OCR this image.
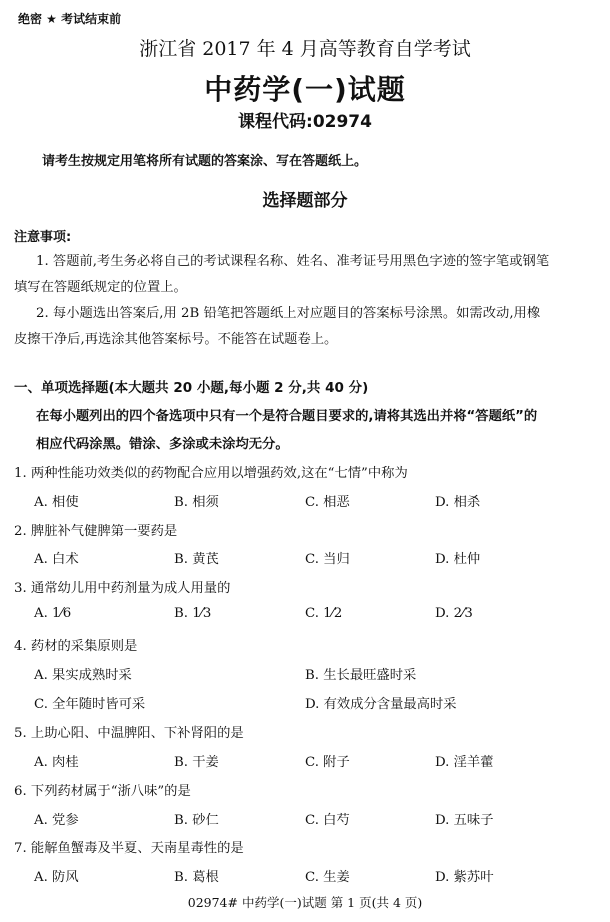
绝密 ★ 考试结束前
浙江省 2017 年 4 月高等教育自学考试
中药学(一)试题
课程代码:02974
请考生按规定用笔将所有试题的答案涂、写在答题纸上。
选择题部分
注意事项:
1. 答题前,考生务必将自己的考试课程名称、姓名、准考证号用黑色字迹的签字笔或钢笔
填写在答题纸规定的位置上。
2. 每小题选出答案后,用 2B 铅笔把答题纸上对应题目的答案标号涂黑。如需改动,用橡
皮擦干净后,再选涂其他答案标号。不能答在试题卷上。
一、单项选择题(本大题共 20 小题,每小题 2 分,共 40 分)
在每小题列出的四个备选项中只有一个是符合题目要求的,请将其选出并将“答题纸”的
相应代码涂黑。错涂、多涂或未涂均无分。
1. 两种性能功效类似的药物配合应用以增强药效,这在“七情”中称为
A. 相使	B. 相须	C. 相恶	D. 相杀
2. 脾脏补气健脾第一要药是
A. 白术	B. 黄芪	C. 当归	D. 杜仲
3. 通常幼儿用中药剂量为成人用量的
A. 1⁄6	B. 1⁄3	C. 1⁄2	D. 2⁄3
4. 药材的采集原则是
A. 果实成熟时采	B. 生长最旺盛时采
C. 全年随时皆可采	D. 有效成分含量最高时采
5. 上助心阳、中温脾阳、下补肾阳的是
A. 肉桂	B. 干姜	C. 附子	D. 淫羊藿
6. 下列药材属于“浙八味”的是
A. 党参	B. 砂仁	C. 白芍	D. 五味子
7. 能解鱼蟹毒及半夏、天南星毒性的是
A. 防风	B. 葛根	C. 生姜	D. 紫苏叶
02974# 中药学(一)试题 第 1 页(共 4 页)
